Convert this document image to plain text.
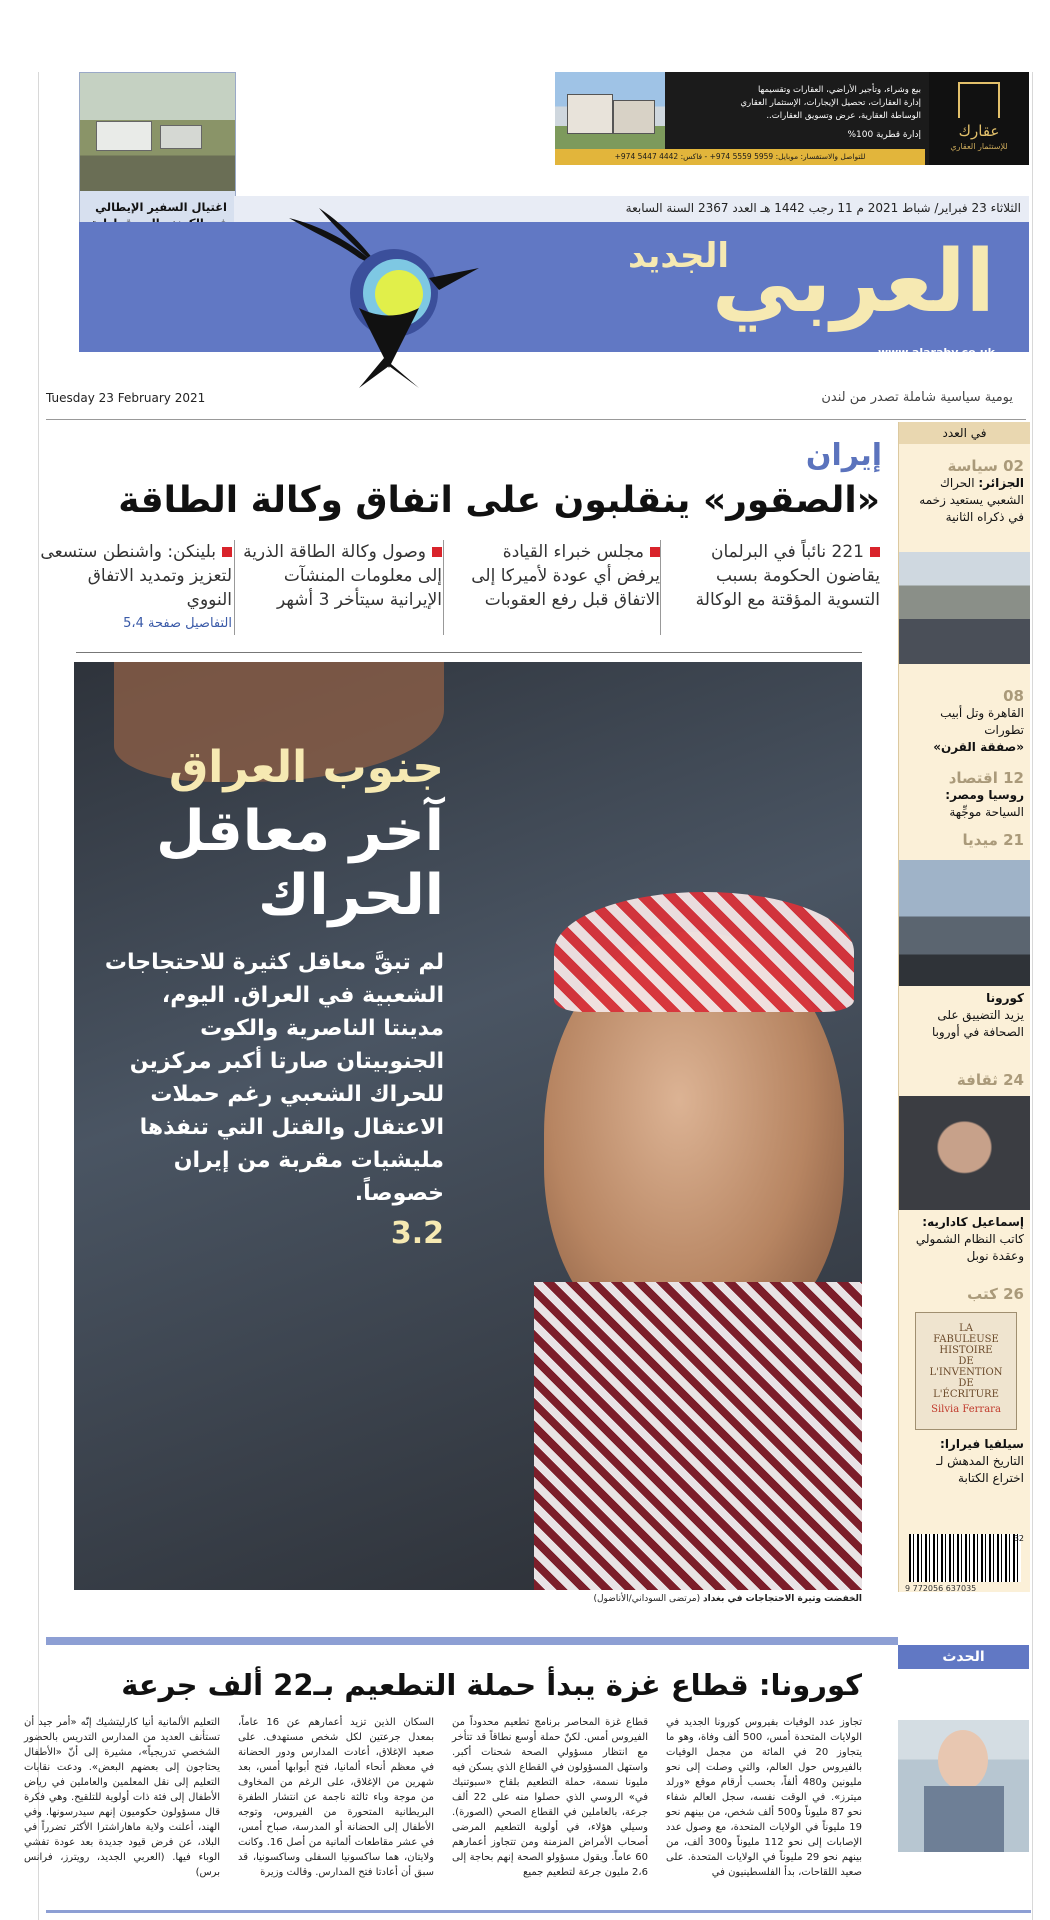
بيع وشراء، وتأجير الأراضي، العقارات وتقسيمها
إدارة العقارات، تحصيل الإيجارات، الإستثمار العقاري
الوساطة العقارية، عرض وتسويق العقارات..
إدارة قطرية 100%	عقارك
للإستثمار العقاري
للتواصل والاستفسار: موبايل: 5959 5559 974+ - فاكس: 4442 5447 974+
اغتيال السفير الإيطالي	الثلاثاء 23 فبراير/ شباط 2021 م 11 رجب 1442 هـ العدد 2367 السنة السابعة
العربي
الجديد
www.alaraby.co.uk
Tuesday 23 February 2021	يومية سياسية شاملة تصدر من لندن
في العدد
02 سياسة
الجزائر: الحراك الشعبي يستعيد زخمه في ذكراه الثانية
08
القاهرة وتل أبيب تطورات
«صفقة القرن»
12 اقتصاد
روسيا ومصر:
السياحة موجِّهة
21 ميديا
كورونا
يزيد التضييق على الصحافة في أوروبا
24 ثقافة
إسماعيل كاداريه:
كاتب النظام الشمولي وعقدة نوبل
26 كتب
LA
FABULEUSE
HISTOIRE
DE
L'INVENTION
DE
L'ÉCRITURE
Silvia Ferrara
سيلفيا فيرارا:
التاريخ المدهش لـ اختراع الكتابة
32
9 772056 637035
إيران
«الصقور» ينقلبون على اتفاق وكالة الطاقة
221 نائباً في البرلمان يقاضون الحكومة بسبب التسوية المؤقتة مع الوكالة
مجلس خبراء القيادة يرفض أي عودة لأميركا إلى الاتفاق قبل رفع العقوبات
وصول وكالة الطاقة الذرية إلى معلومات المنشآت الإيرانية سيتأخر 3 أشهر
بلينكن: واشنطن ستسعى لتعزيز وتمديد الاتفاق النووي
التفاصيل صفحة 5،4
جنوب العراق
آخر معاقل الحراك
لم تبقَّ معاقل كثيرة للاحتجاجات الشعبية في العراق. اليوم، مدينتا الناصرية والكوت الجنوبيتان صارتا أكبر مركزين للحراك الشعبي رغم حملات الاعتقال والقتل التي تنفذها مليشيات مقربة من إيران خصوصاً.
3.2
الخفضت وتيرة الاحتجاجات في بغداد (مرتضى السوداني/الأناضول)
الحدث
كورونا: قطاع غزة يبدأ حملة التطعيم بـ22 ألف جرعة
تجاوز عدد الوفيات بفيروس كورونا الجديد في الولايات المتحدة أمس، 500 ألف وفاة، وهو ما يتجاوز 20 في المائة من مجمل الوفيات بالفيروس حول العالم، والتي وصلت إلى نحو مليونين و480 ألفاً، بحسب أرقام موقع «ورلد ميترز». في الوقت نفسه، سجل العالم شفاء نحو 87 مليوناً و500 ألف شخص، من بينهم نحو 19 مليوناً في الولايات المتحدة، مع وصول عدد الإصابات إلى نحو 112 مليوناً و300 ألف، من بينهم نحو 29 مليوناً في الولايات المتحدة. على صعيد اللقاحات، بدأ الفلسطينيون في
قطاع غزة المحاصر برنامج تطعيم محدوداً من الفيروس أمس. لكنّ حملة أوسع نطاقاً قد تتأخر مع انتظار مسؤولي الصحة شحنات أكبر. واستهل المسؤولون في القطاع الذي يسكن فيه مليونا نسمة، حملة التطعيم بلقاح «سبوتنيك في» الروسي الذي حصلوا منه على 22 ألف جرعة، بالعاملين في القطاع الصحي (الصورة). وسيلي هؤلاء، في أولوية التطعيم المرضى أصحاب الأمراض المزمنة ومن تتجاوز أعمارهم 60 عاماً. ويقول مسؤولو الصحة إنهم بحاجة إلى 2،6 مليون جرعة لتطعيم جميع
السكان الذين تزيد أعمارهم عن 16 عاماً، بمعدل جرعتين لكل شخص مستهدف. على صعيد الإغلاق، أعادت المدارس ودور الحضانة في معظم أنحاء ألمانيا، فتح أبوابها أمس، بعد شهرين من الإغلاق، على الرغم من المخاوف من موجة وباء ثالثة ناجمة عن انتشار الطفرة البريطانية المتحورة من الفيروس، وتوجه الأطفال إلى الحضانة أو المدرسة، صباح أمس، في عشر مقاطعات ألمانية من أصل 16. وكانت ولايتان، هما ساكسونيا السفلى وساكسونيا، قد سبق أن أعادتا فتح المدارس. وقالت وزيرة
التعليم الألمانية أنيا كارليتشيك إنّه «أمر جيد أن تستأنف العديد من المدارس التدريس بالحضور الشخصي تدريجياً»، مشيرة إلى أنّ «الأطفال يحتاجون إلى بعضهم البعض». ودعت نقابات التعليم إلى نقل المعلمين والعاملين في رياض الأطفال إلى فئة ذات أولوية للتلقيح. وهي فكرة قال مسؤولون حكوميون إنهم سيدرسونها. وفي الهند، أعلنت ولاية ماهاراشترا الأكثر تضرراً في البلاد، عن فرض قيود جديدة بعد عودة تفشي الوباء فيها. (العربي الجديد، رويترز، فرانس برس)
